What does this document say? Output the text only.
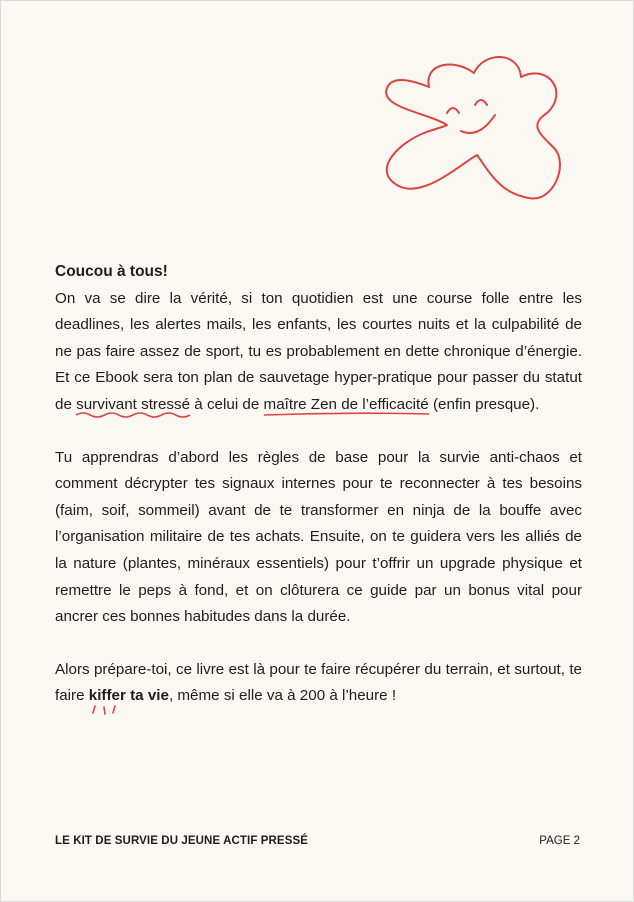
Coucou à tous!

On va se dire la vérité, si ton quotidien est une course folle entre les deadlines, les alertes mails, les enfants, les courtes nuits et la culpabilité de ne pas faire assez de sport, tu es probablement en dette chronique d’énergie. Et ce Ebook sera ton plan de sauvetage hyper-pratique pour passer du statut de survivant stressé
à celui de maître Zen de l’efficacité
(enfin presque).

Tu apprendras d’abord les règles de base pour la survie anti-chaos et comment décrypter tes signaux internes pour te reconnecter à tes besoins (faim, soif, sommeil) avant de te transformer en ninja de la bouffe avec l’organisation militaire de tes achats. Ensuite, on te guidera vers les alliés de la nature (plantes, minéraux essentiels) pour t’offrir un upgrade physique et remettre le peps à fond, et on clôturera ce guide par un bonus vital pour ancrer ces bonnes habitudes dans la durée.

Alors prépare-toi, ce livre est là pour te faire récupérer du terrain, et surtout, te faire kiffer ta vie
, même si elle va à 200 à l’heure !

LE KIT DE SURVIE DU JEUNE ACTIF PRESSÉ	PAGE 2
